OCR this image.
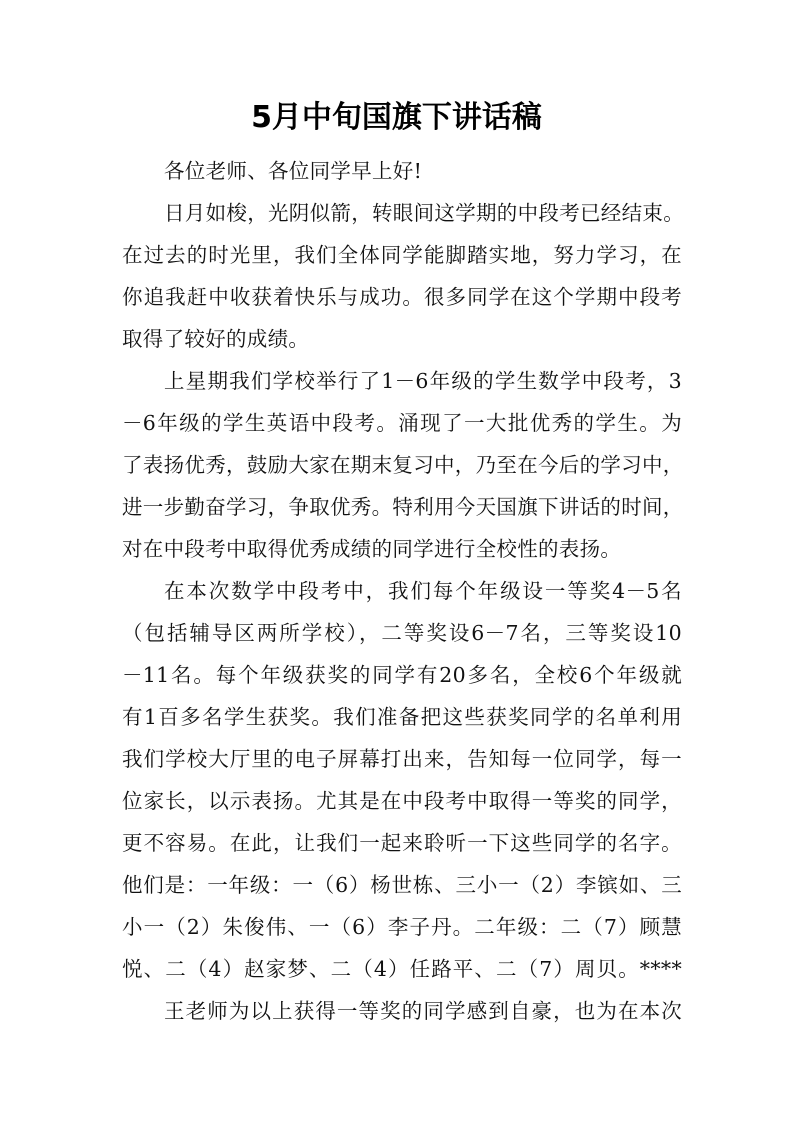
5月中旬国旗下讲话稿
各位老师、各位同学早上好!
日月如梭，光阴似箭，转眼间这学期的中段考已经结束。
在过去的时光里，我们全体同学能脚踏实地，努力学习，在
你追我赶中收获着快乐与成功。很多同学在这个学期中段考
取得了较好的成绩。
上星期我们学校举行了1－6年级的学生数学中段考，3
－6年级的学生英语中段考。涌现了一大批优秀的学生。为
了表扬优秀，鼓励大家在期末复习中，乃至在今后的学习中，
进一步勤奋学习，争取优秀。特利用今天国旗下讲话的时间，
对在中段考中取得优秀成绩的同学进行全校性的表扬。
在本次数学中段考中，我们每个年级设一等奖4－5名
（包括辅导区两所学校），二等奖设6－7名，三等奖设10
－11名。每个年级获奖的同学有20多名，全校6个年级就
有1百多名学生获奖。我们准备把这些获奖同学的名单利用
我们学校大厅里的电子屏幕打出来，告知每一位同学，每一
位家长，以示表扬。尤其是在中段考中取得一等奖的同学，
更不容易。在此，让我们一起来聆听一下这些同学的名字。
他们是：一年级：一（6）杨世栋、三小一（2）李镔如、三
小一（2）朱俊伟、一（6）李子丹。二年级：二（7）顾慧
悦、二（4）赵家梦、二（4）任路平、二（7）周贝。****
王老师为以上获得一等奖的同学感到自豪，也为在本次
